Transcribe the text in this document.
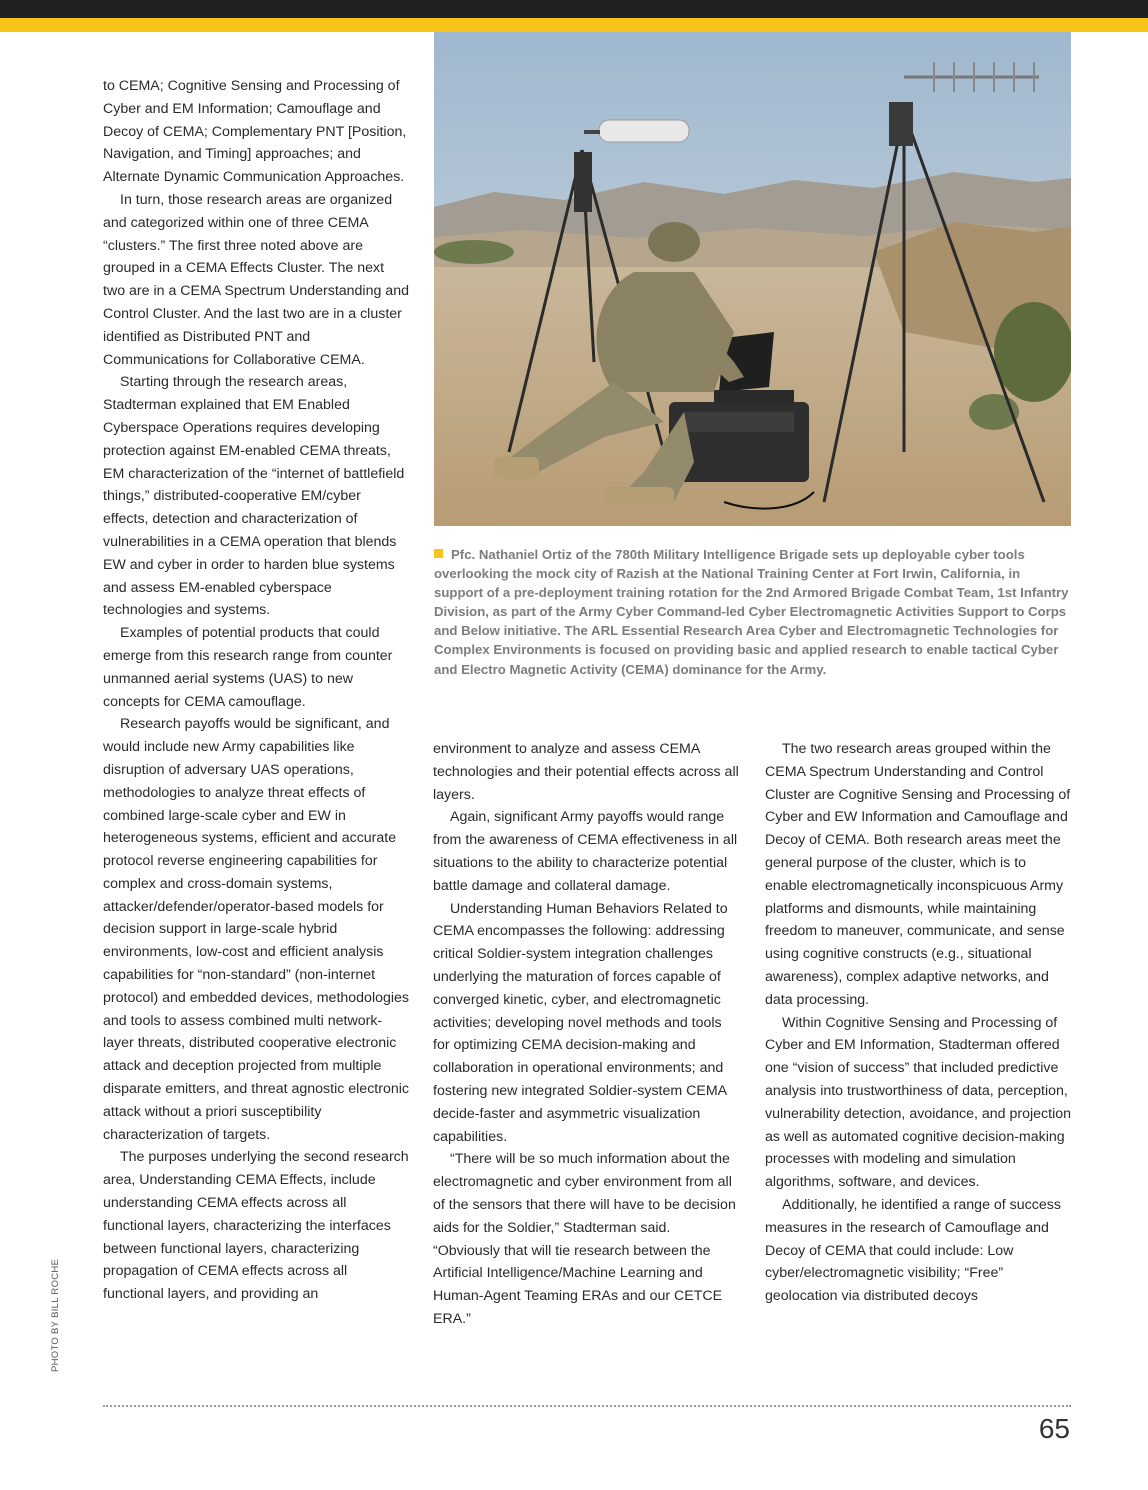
to CEMA; Cognitive Sensing and Processing of Cyber and EM Information; Camouflage and Decoy of CEMA; Complementary PNT [Position, Navigation, and Timing] approaches; and Alternate Dynamic Communication Approaches.

In turn, those research areas are organized and categorized within one of three CEMA “clusters.” The first three noted above are grouped in a CEMA Effects Cluster. The next two are in a CEMA Spectrum Understanding and Control Cluster. And the last two are in a cluster identified as Distributed PNT and Communications for Collaborative CEMA.

Starting through the research areas, Stadterman explained that EM Enabled Cyberspace Operations requires developing protection against EM-enabled CEMA threats, EM characterization of the “internet of battlefield things,” distributed-cooperative EM/cyber effects, detection and characterization of vulnerabilities in a CEMA operation that blends EW and cyber in order to harden blue systems and assess EM-enabled cyberspace technologies and systems.

Examples of potential products that could emerge from this research range from counter unmanned aerial systems (UAS) to new concepts for CEMA camouflage.

Research payoffs would be significant, and would include new Army capabilities like disruption of adversary UAS operations, methodologies to analyze threat effects of combined large-scale cyber and EW in heterogeneous systems, efficient and accurate protocol reverse engineering capabilities for complex and cross-domain systems, attacker/defender/operator-based models for decision support in large-scale hybrid environments, low-cost and efficient analysis capabilities for “non-standard” (non-internet protocol) and embedded devices, methodologies and tools to assess combined multi network-layer threats, distributed cooperative electronic attack and deception projected from multiple disparate emitters, and threat agnostic electronic attack without a priori susceptibility characterization of targets.

The purposes underlying the second research area, Understanding CEMA Effects, include understanding CEMA effects across all functional layers, characterizing the interfaces between functional layers, characterizing propagation of CEMA effects across all functional layers, and providing an

Pfc. Nathaniel Ortiz of the 780th Military Intelligence Brigade sets up deployable cyber tools overlooking the mock city of Razish at the National Training Center at Fort Irwin, California, in support of a pre-deployment training rotation for the 2nd Armored Brigade Combat Team, 1st Infantry Division, as part of the Army Cyber Command-led Cyber Electromagnetic Activities Support to Corps and Below initiative. The ARL Essential Research Area Cyber and Electromagnetic Technologies for Complex Environments is focused on providing basic and applied research to enable tactical Cyber and Electro Magnetic Activity (CEMA) dominance for the Army.

environment to analyze and assess CEMA technologies and their potential effects across all layers.

Again, significant Army payoffs would range from the awareness of CEMA effectiveness in all situations to the ability to characterize potential battle damage and collateral damage.

Understanding Human Behaviors Related to CEMA encompasses the following: addressing critical Soldier-system integration challenges underlying the maturation of forces capable of converged kinetic, cyber, and electromagnetic activities; developing novel methods and tools for optimizing CEMA decision-making and collaboration in operational environments; and fostering new integrated Soldier-system CEMA decide-faster and asymmetric visualization capabilities.

“There will be so much information about the electromagnetic and cyber environment from all of the sensors that there will have to be decision aids for the Soldier,” Stadterman said. “Obviously that will tie research between the Artificial Intelligence/Machine Learning and Human-Agent Teaming ERAs and our CETCE ERA.”

The two research areas grouped within the CEMA Spectrum Understanding and Control Cluster are Cognitive Sensing and Processing of Cyber and EW Information and Camouflage and Decoy of CEMA. Both research areas meet the general purpose of the cluster, which is to enable electromagnetically inconspicuous Army platforms and dismounts, while maintaining freedom to maneuver, communicate, and sense using cognitive constructs (e.g., situational awareness), complex adaptive networks, and data processing.

Within Cognitive Sensing and Processing of Cyber and EM Information, Stadterman offered one “vision of success” that included predictive analysis into trustworthiness of data, perception, vulnerability detection, avoidance, and projection as well as automated cognitive decision-making processes with modeling and simulation algorithms, software, and devices.

Additionally, he identified a range of success measures in the research of Camouflage and Decoy of CEMA that could include: Low cyber/electromagnetic visibility; “Free” geolocation via distributed decoys

PHOTO BY BILL ROCHE
65
